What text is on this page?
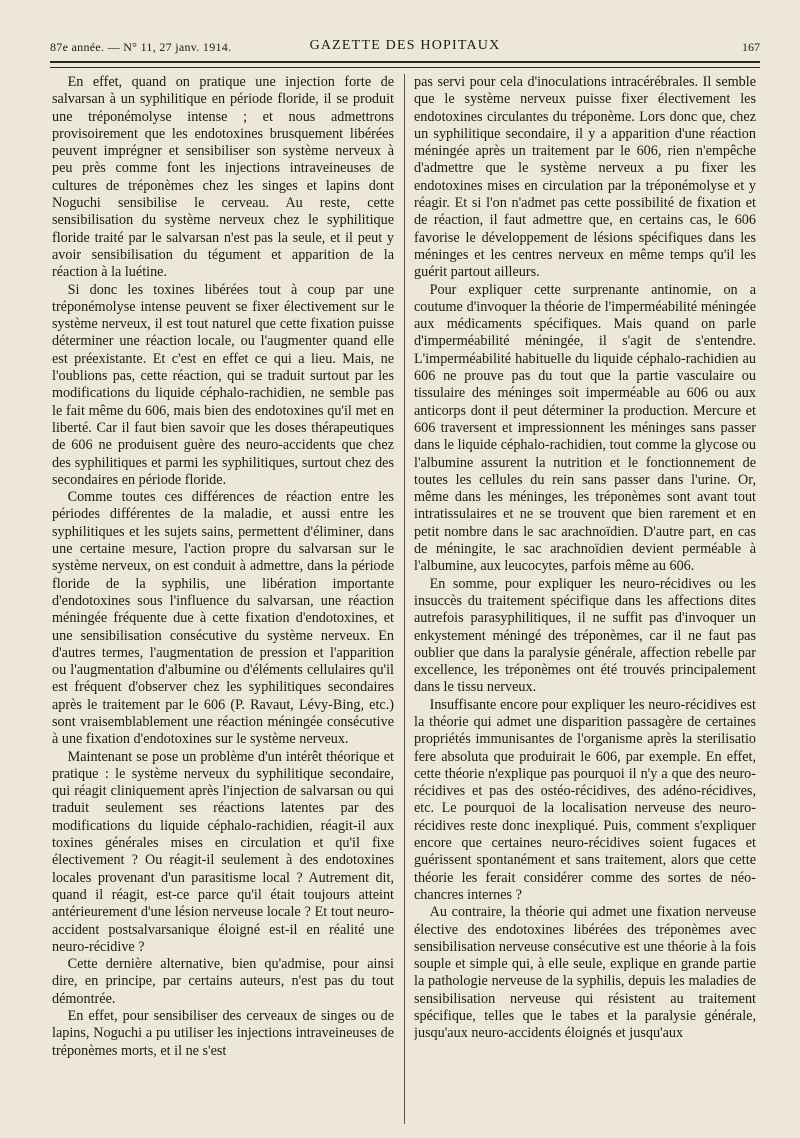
87e année. — N° 11, 27 janv. 1914.	GAZETTE DES HOPITAUX	167

En effet, quand on pratique une injection forte de salvarsan à un syphilitique en période floride, il se produit une tréponémolyse intense ; et nous admettrons provisoirement que les endotoxines brusquement libérées peuvent imprégner et sensibiliser son système nerveux à peu près comme font les injections intraveineuses de cultures de tréponèmes chez les singes et lapins dont Noguchi sensibilise le cerveau. Au reste, cette sensibilisation du système nerveux chez le syphilitique floride traité par le salvarsan n'est pas la seule, et il peut y avoir sensibilisation du tégument et apparition de la réaction à la luétine.

Si donc les toxines libérées tout à coup par une tréponémolyse intense peuvent se fixer électivement sur le système nerveux, il est tout naturel que cette fixation puisse déterminer une réaction locale, ou l'augmenter quand elle est préexistante. Et c'est en effet ce qui a lieu. Mais, ne l'oublions pas, cette réaction, qui se traduit surtout par les modifications du liquide céphalo-rachidien, ne semble pas le fait même du 606, mais bien des endotoxines qu'il met en liberté. Car il faut bien savoir que les doses thérapeutiques de 606 ne produisent guère des neuro-accidents que chez des syphilitiques et parmi les syphilitiques, surtout chez des secondaires en période floride.

Comme toutes ces différences de réaction entre les périodes différentes de la maladie, et aussi entre les syphilitiques et les sujets sains, permettent d'éliminer, dans une certaine mesure, l'action propre du salvarsan sur le système nerveux, on est conduit à admettre, dans la période floride de la syphilis, une libération importante d'endotoxines sous l'influence du salvarsan, une réaction méningée fréquente due à cette fixation d'endotoxines, et une sensibilisation consécutive du système nerveux. En d'autres termes, l'augmentation de pression et l'apparition ou l'augmentation d'albumine ou d'éléments cellulaires qu'il est fréquent d'observer chez les syphilitiques secondaires après le traitement par le 606 (P. Ravaut, Lévy-Bing, etc.) sont vraisemblablement une réaction méningée consécutive à une fixation d'endotoxines sur le système nerveux.

Maintenant se pose un problème d'un intérêt théorique et pratique : le système nerveux du syphilitique secondaire, qui réagit cliniquement après l'injection de salvarsan ou qui traduit seulement ses réactions latentes par des modifications du liquide céphalo-rachidien, réagit-il aux toxines générales mises en circulation et qu'il fixe électivement ? Ou réagit-il seulement à des endotoxines locales provenant d'un parasitisme local ? Autrement dit, quand il réagit, est-ce parce qu'il était toujours atteint antérieurement d'une lésion nerveuse locale ? Et tout neuro-accident postsalvarsanique éloigné est-il en réalité une neuro-récidive ?

Cette dernière alternative, bien qu'admise, pour ainsi dire, en principe, par certains auteurs, n'est pas du tout démontrée.

En effet, pour sensibiliser des cerveaux de singes ou de lapins, Noguchi a pu utiliser les injections intraveineuses de tréponèmes morts, et il ne s'est

pas servi pour cela d'inoculations intracérébrales. Il semble que le système nerveux puisse fixer électivement les endotoxines circulantes du tréponème. Lors donc que, chez un syphilitique secondaire, il y a apparition d'une réaction méningée après un traitement par le 606, rien n'empêche d'admettre que le système nerveux a pu fixer les endotoxines mises en circulation par la tréponémolyse et y réagir. Et si l'on n'admet pas cette possibilité de fixation et de réaction, il faut admettre que, en certains cas, le 606 favorise le développement de lésions spécifiques dans les méninges et les centres nerveux en même temps qu'il les guérit partout ailleurs.

Pour expliquer cette surprenante antinomie, on a coutume d'invoquer la théorie de l'imperméabilité méningée aux médicaments spécifiques. Mais quand on parle d'imperméabilité méningée, il s'agit de s'entendre. L'imperméabilité habituelle du liquide céphalo-rachidien au 606 ne prouve pas du tout que la partie vasculaire ou tissulaire des méninges soit imperméable au 606 ou aux anticorps dont il peut déterminer la production. Mercure et 606 traversent et impressionnent les méninges sans passer dans le liquide céphalo-rachidien, tout comme la glycose ou l'albumine assurent la nutrition et le fonctionnement de toutes les cellules du rein sans passer dans l'urine. Or, même dans les méninges, les tréponèmes sont avant tout intratissulaires et ne se trouvent que bien rarement et en petit nombre dans le sac arachnoïdien. D'autre part, en cas de méningite, le sac arachnoïdien devient perméable à l'albumine, aux leucocytes, parfois même au 606.

En somme, pour expliquer les neuro-récidives ou les insuccès du traitement spécifique dans les affections dites autrefois parasyphilitiques, il ne suffit pas d'invoquer un enkystement méningé des tréponèmes, car il ne faut pas oublier que dans la paralysie générale, affection rebelle par excellence, les tréponèmes ont été trouvés principalement dans le tissu nerveux.

Insuffisante encore pour expliquer les neuro-récidives est la théorie qui admet une disparition passagère de certaines propriétés immunisantes de l'organisme après la sterilisatio fere absoluta que produirait le 606, par exemple. En effet, cette théorie n'explique pas pourquoi il n'y a que des neuro-récidives et pas des ostéo-récidives, des adéno-récidives, etc. Le pourquoi de la localisation nerveuse des neuro-récidives reste donc inexpliqué. Puis, comment s'expliquer encore que certaines neuro-récidives soient fugaces et guérissent spontanément et sans traitement, alors que cette théorie les ferait considérer comme des sortes de néo-chancres internes ?

Au contraire, la théorie qui admet une fixation nerveuse élective des endotoxines libérées des tréponèmes avec sensibilisation nerveuse consécutive est une théorie à la fois souple et simple qui, à elle seule, explique en grande partie la pathologie nerveuse de la syphilis, depuis les maladies de sensibilisation nerveuse qui résistent au traitement spécifique, telles que le tabes et la paralysie générale, jusqu'aux neuro-accidents éloignés et jusqu'aux
